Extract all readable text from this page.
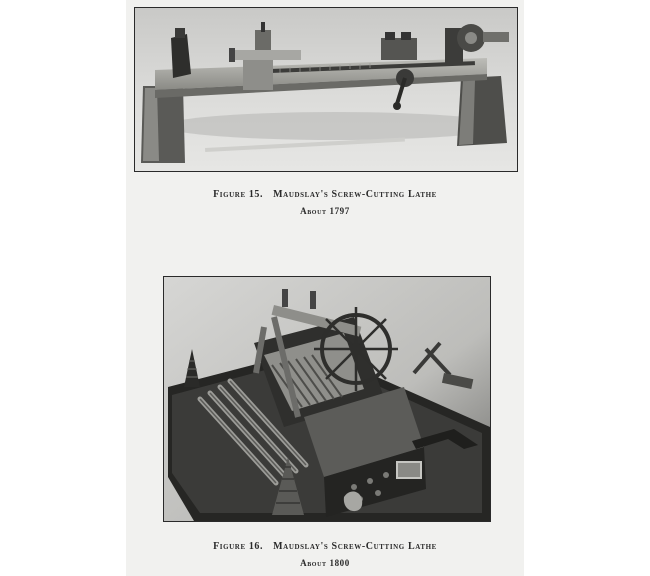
Figure 15. Maudslay's Screw-Cutting Lathe
About 1797
Figure 16. Maudslay's Screw-Cutting Lathe
About 1800
